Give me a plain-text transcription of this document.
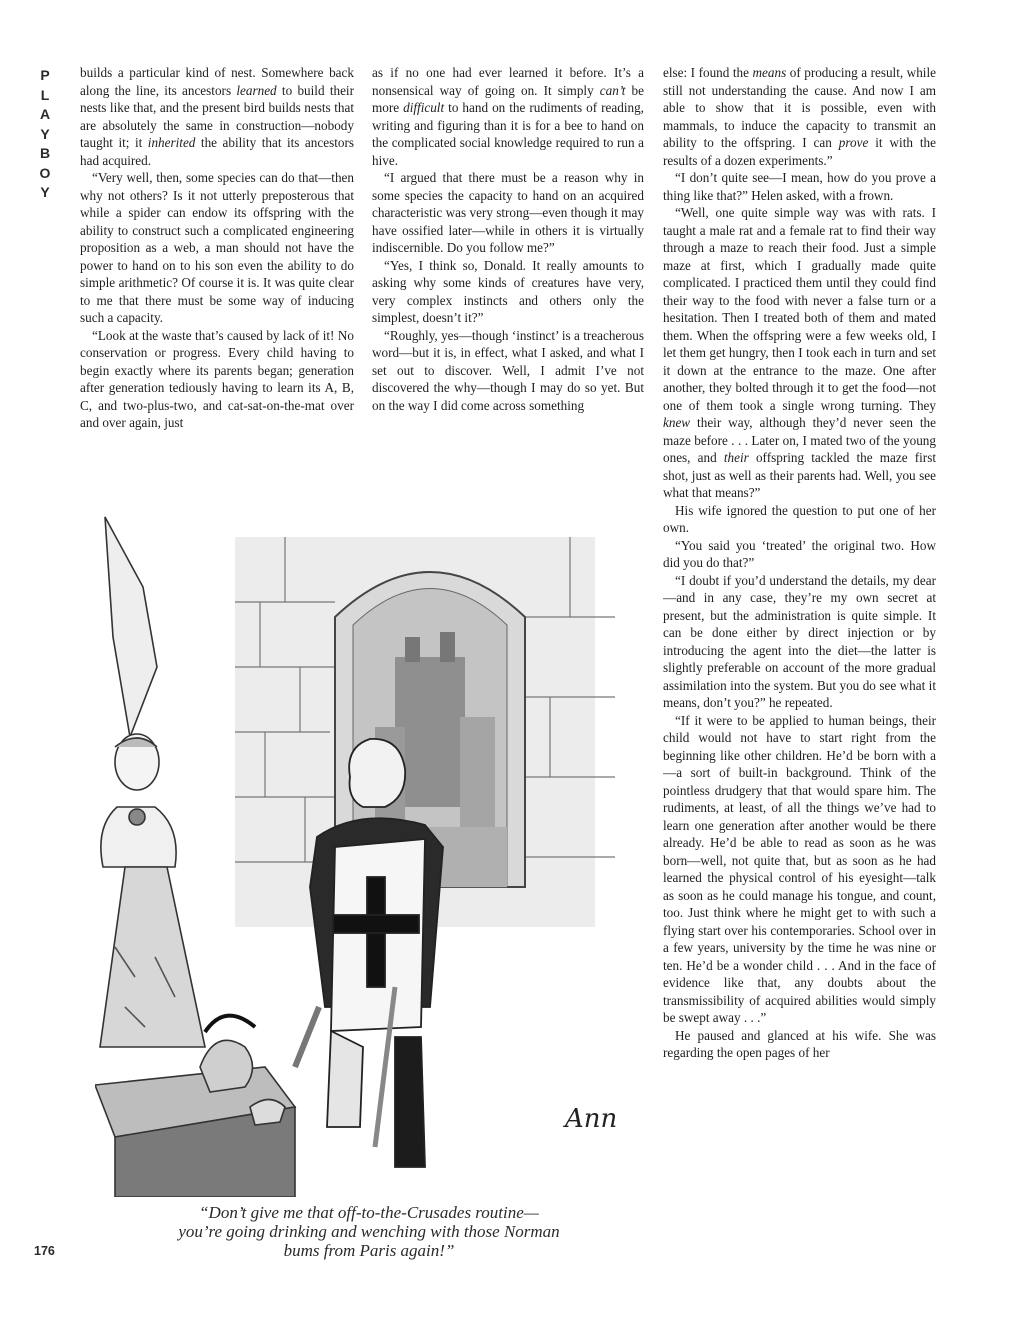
P
L
A
Y
B
O
Y

builds a particular kind of nest. Somewhere back along the line, its ancestors learned to build their nests like that, and the present bird builds nests that are absolutely the same in construction—nobody taught it; it inherited the ability that its ancestors had acquired.

“Very well, then, some species can do that—then why not others? Is it not utterly preposterous that while a spider can endow its offspring with the ability to construct such a complicated engineering proposition as a web, a man should not have the power to hand on to his son even the ability to do simple arithmetic? Of course it is. It was quite clear to me that there must be some way of inducing such a capacity.

“Look at the waste that’s caused by lack of it! No conservation or progress. Every child having to begin exactly where its parents began; generation after generation tediously having to learn its A, B, C, and two-plus-two, and cat-sat-on-the-mat over and over again, just

as if no one had ever learned it before. It’s a nonsensical way of going on. It simply can’t be more difficult to hand on the rudiments of reading, writing and figuring than it is for a bee to hand on the complicated social knowledge required to run a hive.

“I argued that there must be a reason why in some species the capacity to hand on an acquired characteristic was very strong—even though it may have ossified later—while in others it is virtually indiscernible. Do you follow me?”

“Yes, I think so, Donald. It really amounts to asking why some kinds of creatures have very, very complex instincts and others only the simplest, doesn’t it?”

“Roughly, yes—though ‘instinct’ is a treacherous word—but it is, in effect, what I asked, and what I set out to discover. Well, I admit I’ve not discovered the why—though I may do so yet. But on the way I did come across something

else: I found the means of producing a result, while still not understanding the cause. And now I am able to show that it is possible, even with mammals, to induce the capacity to transmit an ability to the offspring. I can prove it with the results of a dozen experiments.”

“I don’t quite see—I mean, how do you prove a thing like that?” Helen asked, with a frown.

“Well, one quite simple way was with rats. I taught a male rat and a female rat to find their way through a maze to reach their food. Just a simple maze at first, which I gradually made quite complicated. I practiced them until they could find their way to the food with never a false turn or a hesitation. Then I treated both of them and mated them. When the offspring were a few weeks old, I let them get hungry, then I took each in turn and set it down at the entrance to the maze. One after another, they bolted through it to get the food—not one of them took a single wrong turning. They knew their way, although they’d never seen the maze before . . . Later on, I mated two of the young ones, and their offspring tackled the maze first shot, just as well as their parents had. Well, you see what that means?”

His wife ignored the question to put one of her own.

“You said you ‘treated’ the original two. How did you do that?”

“I doubt if you’d understand the details, my dear—and in any case, they’re my own secret at present, but the administration is quite simple. It can be done either by direct injection or by introducing the agent into the diet—the latter is slightly preferable on account of the more gradual assimilation into the system. But you do see what it means, don’t you?” he repeated.

“If it were to be applied to human beings, their child would not have to start right from the beginning like other children. He’d be born with a—a sort of built-in background. Think of the pointless drudgery that that would spare him. The rudiments, at least, of all the things we’ve had to learn one generation after another would be there already. He’d be able to read as soon as he was born—well, not quite that, but as soon as he had learned the physical control of his eyesight—talk as soon as he could manage his tongue, and count, too. Just think where he might get to with such a flying start over his contemporaries. School over in a few years, university by the time he was nine or ten. He’d be a wonder child . . . And in the face of evidence like that, any doubts about the transmissibility of acquired abilities would simply be swept away . . .”

He paused and glanced at his wife. She was regarding the open pages of her

Ann
“Don’t give me that off-to-the-Crusades routine—
you’re going drinking and wenching with those Norman
bums from Paris again!”
176
